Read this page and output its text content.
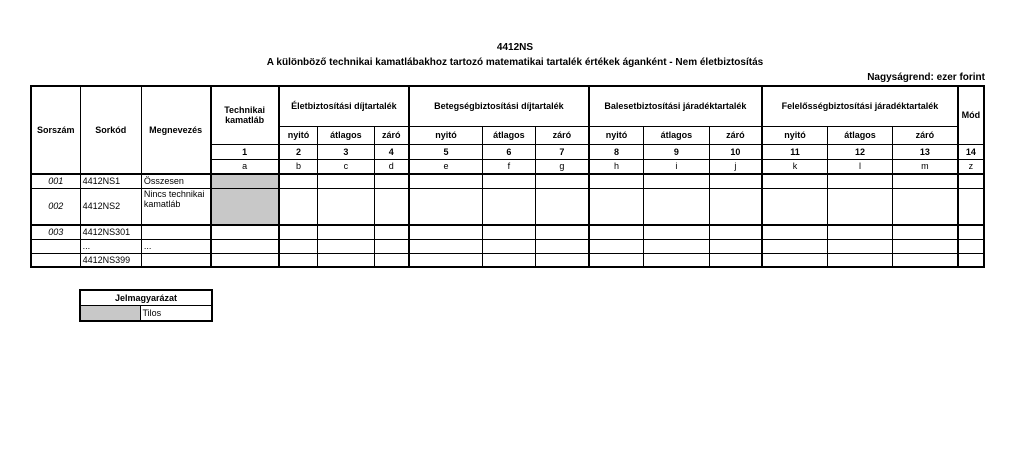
4412NS
A különböző technikai kamatlábakhoz tartozó matematikai tartalék értékek áganként - Nem életbiztosítás
Nagyságrend: ezer forint
Sorszám	Sorkód	Megnevezés	Technikai kamatláb	Életbiztosítási díjtartalék			Betegségbiztosítási díjtartalék			Balesetbiztosítási járadéktartalék			Felelősségbiztosítási járadéktartalék			Mód
				nyitó	átlagos	záró	nyitó	átlagos	záró	nyitó	átlagos	záró	nyitó	átlagos	záró	
			1	2	3	4	5	6	7	8	9	10	11	12	13	14
			a	b	c	d	e	f	g	h	i	j	k	l	m	z
001	4412NS1	Összesen														
002	4412NS2	Nincs technikai kamatláb														
003	4412NS301															
	...	...														
	4412NS399															
Jelmagyarázat
	Tilos
